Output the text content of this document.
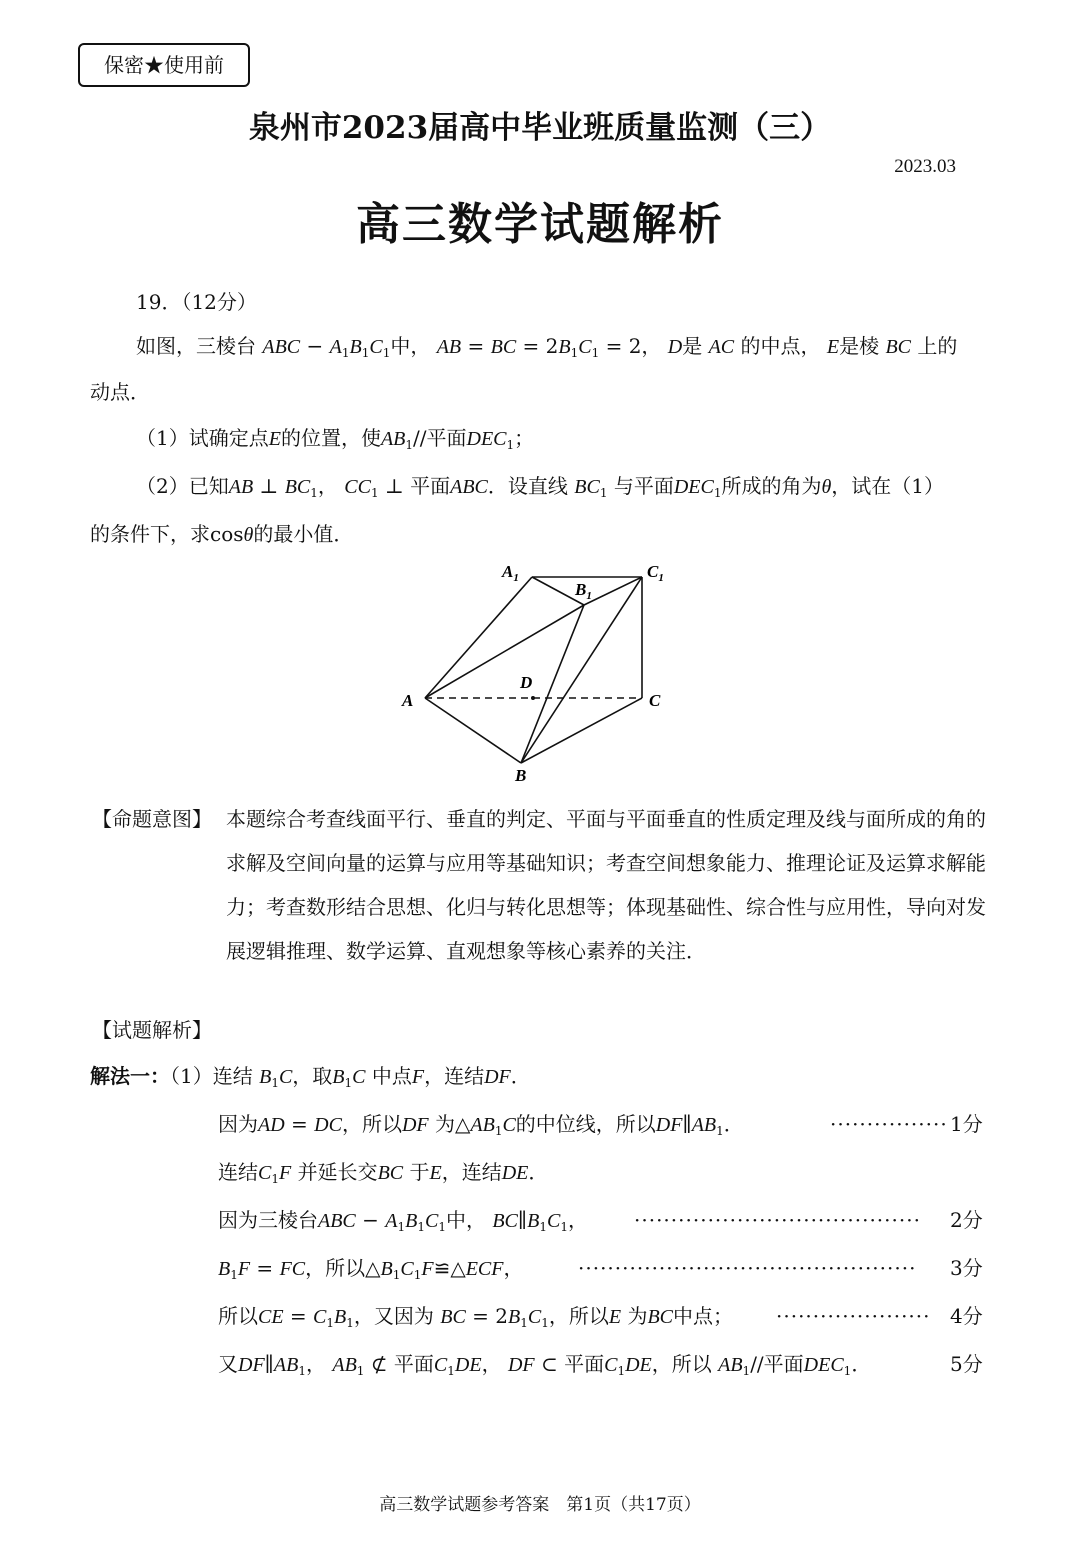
保密★使用前
泉州市2023届高中毕业班质量监测（三）
2023.03
高三数学试题解析
19．（12分）
如图，三棱台 ABC − $A_1B_1C_1$中， AB = BC = $2B_1C_1 = 2$， D是 AC 的中点， E是棱 BC 上的
动点．
（1）试确定点E的位置，使$AB_1//$平面$DEC_1$；
（2）已知AB ⊥ $BC_1$， $CC_1$ ⊥ 平面ABC．设直线 $BC_1$ 与平面$DEC_1$所成的角为θ，试在（1）
的条件下，求cosθ的最小值．
$A_1$
$B_1$
$C_1$
A	C
D
B
【命题意图】 本题综合考查线面平行、垂直的判定、平面与平面垂直的性质定理及线与面所成的角的求解及空间向量的运算与应用等基础知识；考查空间想象能力、推理论证及运算求解能力；考查数形结合思想、化归与转化思想等；体现基础性、综合性与应用性，导向对发展逻辑推理、数学运算、直观想象等核心素养的关注．
【试题解析】
解法一：（1）连结 $B_1C$，取$B_1C$ 中点F，连结DF．
因为AD = DC，所以DF 为$\triangle AB_1C$的中位线，所以$DF\parallel AB_1$．	················ 1分
连结$C_1F$ 并延长交BC 于E，连结DE．
因为三棱台ABC − $A_1B_1C_1$中， $BC\parallel B_1C_1$， ······································· 2分
$B_1F$ = FC，所以$\triangle B_1C_1F≌\triangle ECF$，	·············································· 3分
所以CE = $C_1B_1$，又因为 BC = $2B_1C_1$，所以E 为BC中点； ····················· 4分
又$DF\parallel AB_1$， $AB_1$ ⊄ 平面$C_1DE$， DF ⊂ 平面$C_1DE$，所以 $AB_1//$平面$DEC_1$．	5分
高三数学试题参考答案　第1页（共17页）
